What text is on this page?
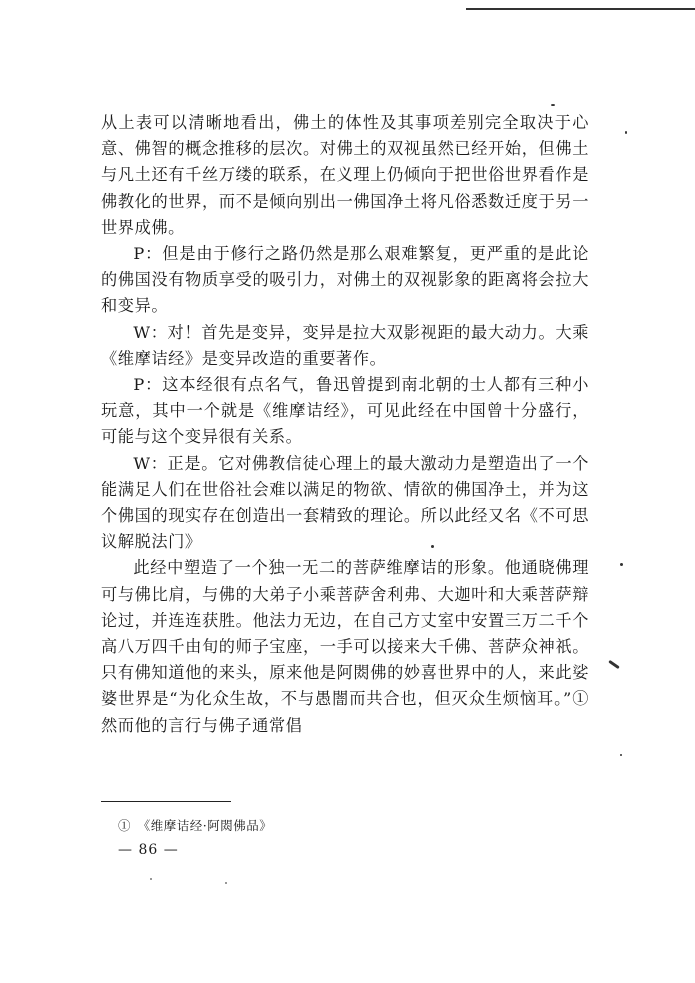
从上表可以清晰地看出，佛土的体性及其事项差别完全取决于心意、佛智的概念推移的层次。对佛土的双视虽然已经开始，但佛土与凡土还有千丝万缕的联系，在义理上仍倾向于把世俗世界看作是佛教化的世界，而不是倾向别出一佛国净土将凡俗悉数迁度于另一世界成佛。

P：但是由于修行之路仍然是那么艰难繁复，更严重的是此论的佛国没有物质享受的吸引力，对佛土的双视影象的距离将会拉大和变异。

W：对！首先是变异，变异是拉大双影视距的最大动力。大乘《维摩诘经》是变异改造的重要著作。

P：这本经很有点名气，鲁迅曾提到南北朝的士人都有三种小玩意，其中一个就是《维摩诘经》，可见此经在中国曾十分盛行，可能与这个变异很有关系。

W：正是。它对佛教信徒心理上的最大激动力是塑造出了一个能满足人们在世俗社会难以满足的物欲、情欲的佛国净土，并为这个佛国的现实存在创造出一套精致的理论。所以此经又名《不可思议解脱法门》

此经中塑造了一个独一无二的菩萨维摩诘的形象。他通晓佛理可与佛比肩，与佛的大弟子小乘菩萨舍利弗、大迦叶和大乘菩萨辩论过，并连连获胜。他法力无边，在自己方丈室中安置三万二千个高八万四千由旬的师子宝座，一手可以接来大千佛、菩萨众神祇。只有佛知道他的来头，原来他是阿閦佛的妙喜世界中的人，来此娑婆世界是“为化众生故，不与愚闇而共合也，但灭众生烦恼耳。”①然而他的言行与佛子通常倡

①　《维摩诘经·阿閦佛品》
— 86 —
